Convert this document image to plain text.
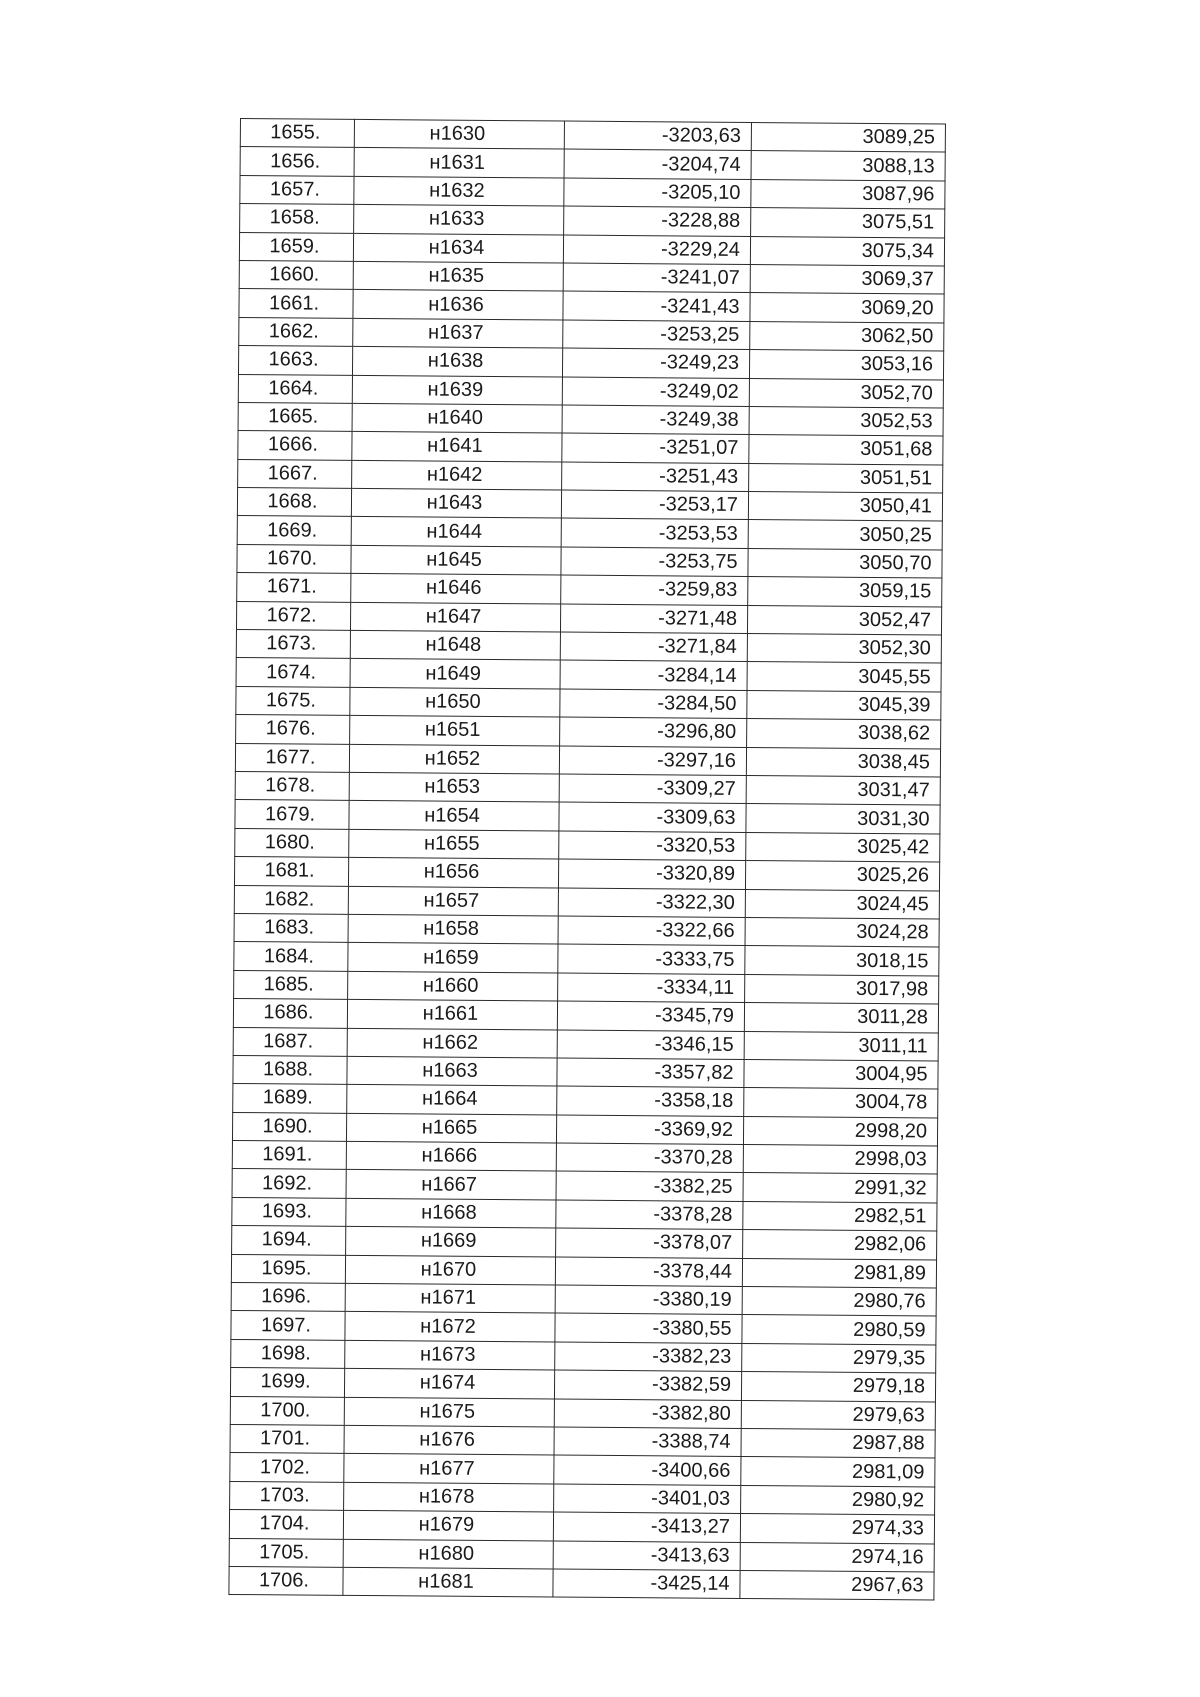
1655.	н1630	-3203,63	3089,25
1656.	н1631	-3204,74	3088,13
1657.	н1632	-3205,10	3087,96
1658.	н1633	-3228,88	3075,51
1659.	н1634	-3229,24	3075,34
1660.	н1635	-3241,07	3069,37
1661.	н1636	-3241,43	3069,20
1662.	н1637	-3253,25	3062,50
1663.	н1638	-3249,23	3053,16
1664.	н1639	-3249,02	3052,70
1665.	н1640	-3249,38	3052,53
1666.	н1641	-3251,07	3051,68
1667.	н1642	-3251,43	3051,51
1668.	н1643	-3253,17	3050,41
1669.	н1644	-3253,53	3050,25
1670.	н1645	-3253,75	3050,70
1671.	н1646	-3259,83	3059,15
1672.	н1647	-3271,48	3052,47
1673.	н1648	-3271,84	3052,30
1674.	н1649	-3284,14	3045,55
1675.	н1650	-3284,50	3045,39
1676.	н1651	-3296,80	3038,62
1677.	н1652	-3297,16	3038,45
1678.	н1653	-3309,27	3031,47
1679.	н1654	-3309,63	3031,30
1680.	н1655	-3320,53	3025,42
1681.	н1656	-3320,89	3025,26
1682.	н1657	-3322,30	3024,45
1683.	н1658	-3322,66	3024,28
1684.	н1659	-3333,75	3018,15
1685.	н1660	-3334,11	3017,98
1686.	н1661	-3345,79	3011,28
1687.	н1662	-3346,15	3011,11
1688.	н1663	-3357,82	3004,95
1689.	н1664	-3358,18	3004,78
1690.	н1665	-3369,92	2998,20
1691.	н1666	-3370,28	2998,03
1692.	н1667	-3382,25	2991,32
1693.	н1668	-3378,28	2982,51
1694.	н1669	-3378,07	2982,06
1695.	н1670	-3378,44	2981,89
1696.	н1671	-3380,19	2980,76
1697.	н1672	-3380,55	2980,59
1698.	н1673	-3382,23	2979,35
1699.	н1674	-3382,59	2979,18
1700.	н1675	-3382,80	2979,63
1701.	н1676	-3388,74	2987,88
1702.	н1677	-3400,66	2981,09
1703.	н1678	-3401,03	2980,92
1704.	н1679	-3413,27	2974,33
1705.	н1680	-3413,63	2974,16
1706.	н1681	-3425,14	2967,63
